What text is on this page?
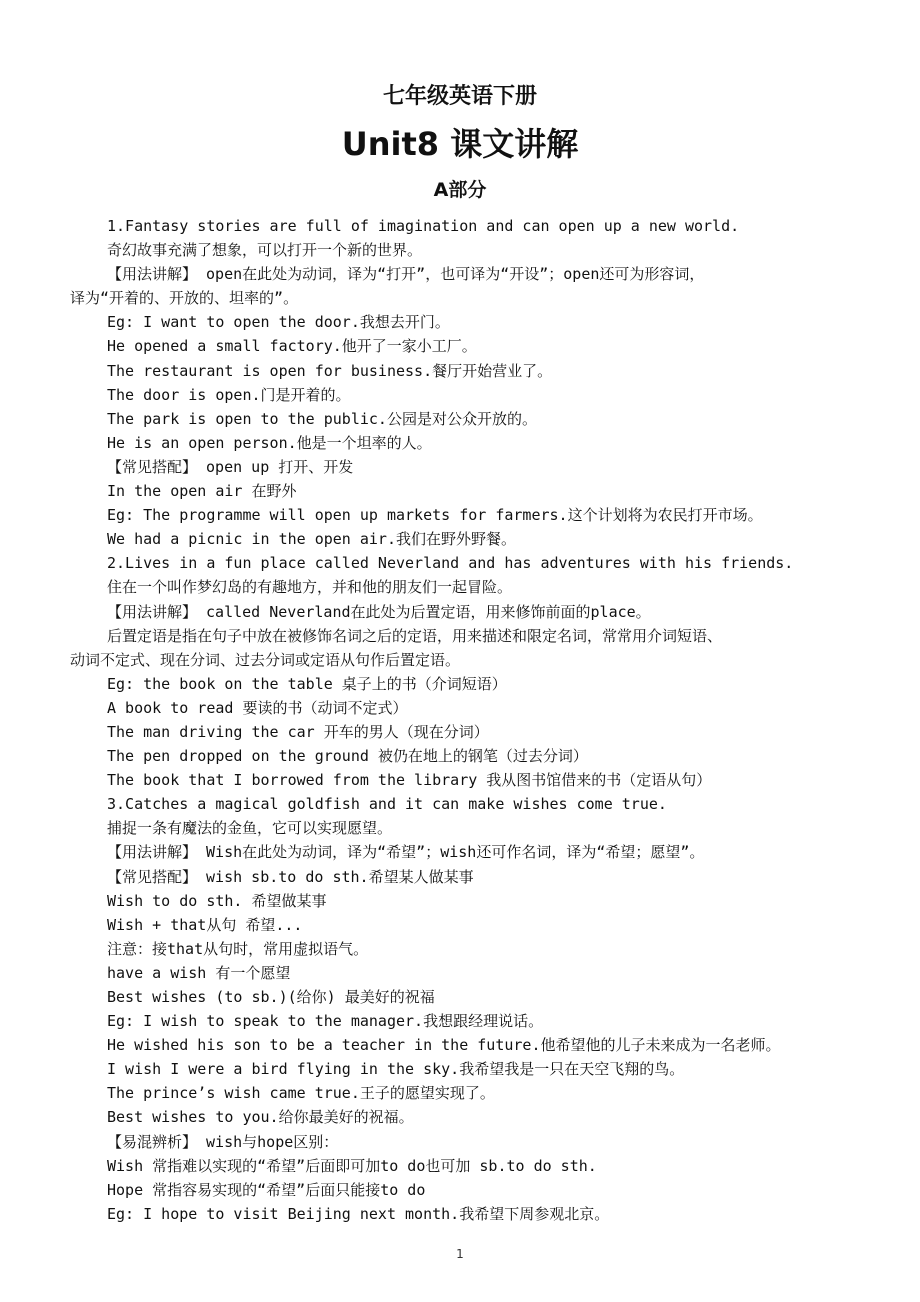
七年级英语下册
Unit8 课文讲解
A部分
1.Fantasy stories are full of imagination and can open up a new world.
奇幻故事充满了想象，可以打开一个新的世界。
【用法讲解】 open在此处为动词，译为“打开”，也可译为“开设”；open还可为形容词，
译为“开着的、开放的、坦率的”。
Eg: I want to open the door.我想去开门。
He opened a small factory.他开了一家小工厂。
The restaurant is open for business.餐厅开始营业了。
The door is open.门是开着的。
The park is open to the public.公园是对公众开放的。
He is an open person.他是一个坦率的人。
【常见搭配】 open up 打开、开发
In the open air 在野外
Eg: The programme will open up markets for farmers.这个计划将为农民打开市场。
We had a picnic in the open air.我们在野外野餐。
2.Lives in a fun place called Neverland and has adventures with his friends.
住在一个叫作梦幻岛的有趣地方，并和他的朋友们一起冒险。
【用法讲解】 called Neverland在此处为后置定语，用来修饰前面的place。
后置定语是指在句子中放在被修饰名词之后的定语，用来描述和限定名词，常常用介词短语、
动词不定式、现在分词、过去分词或定语从句作后置定语。
Eg: the book on the table 桌子上的书（介词短语）
A book to read 要读的书（动词不定式）
The man driving the car 开车的男人（现在分词）
The pen dropped on the ground 被仍在地上的钢笔（过去分词）
The book that I borrowed from the library 我从图书馆借来的书（定语从句）
3.Catches a magical goldfish and it can make wishes come true.
捕捉一条有魔法的金鱼，它可以实现愿望。
【用法讲解】 Wish在此处为动词，译为“希望”；wish还可作名词，译为“希望；愿望”。
【常见搭配】 wish sb.to do sth.希望某人做某事
Wish to do sth. 希望做某事
Wish + that从句 希望...
注意：接that从句时，常用虚拟语气。
have a wish 有一个愿望
Best wishes (to sb.)(给你) 最美好的祝福
Eg: I wish to speak to the manager.我想跟经理说话。
He wished his son to be a teacher in the future.他希望他的儿子未来成为一名老师。
I wish I were a bird flying in the sky.我希望我是一只在天空飞翔的鸟。
The prince’s wish came true.王子的愿望实现了。
Best wishes to you.给你最美好的祝福。
【易混辨析】 wish与hope区别：
Wish 常指难以实现的“希望”后面即可加to do也可加 sb.to do sth.
Hope 常指容易实现的“希望”后面只能接to do
Eg: I hope to visit Beijing next month.我希望下周参观北京。
1
